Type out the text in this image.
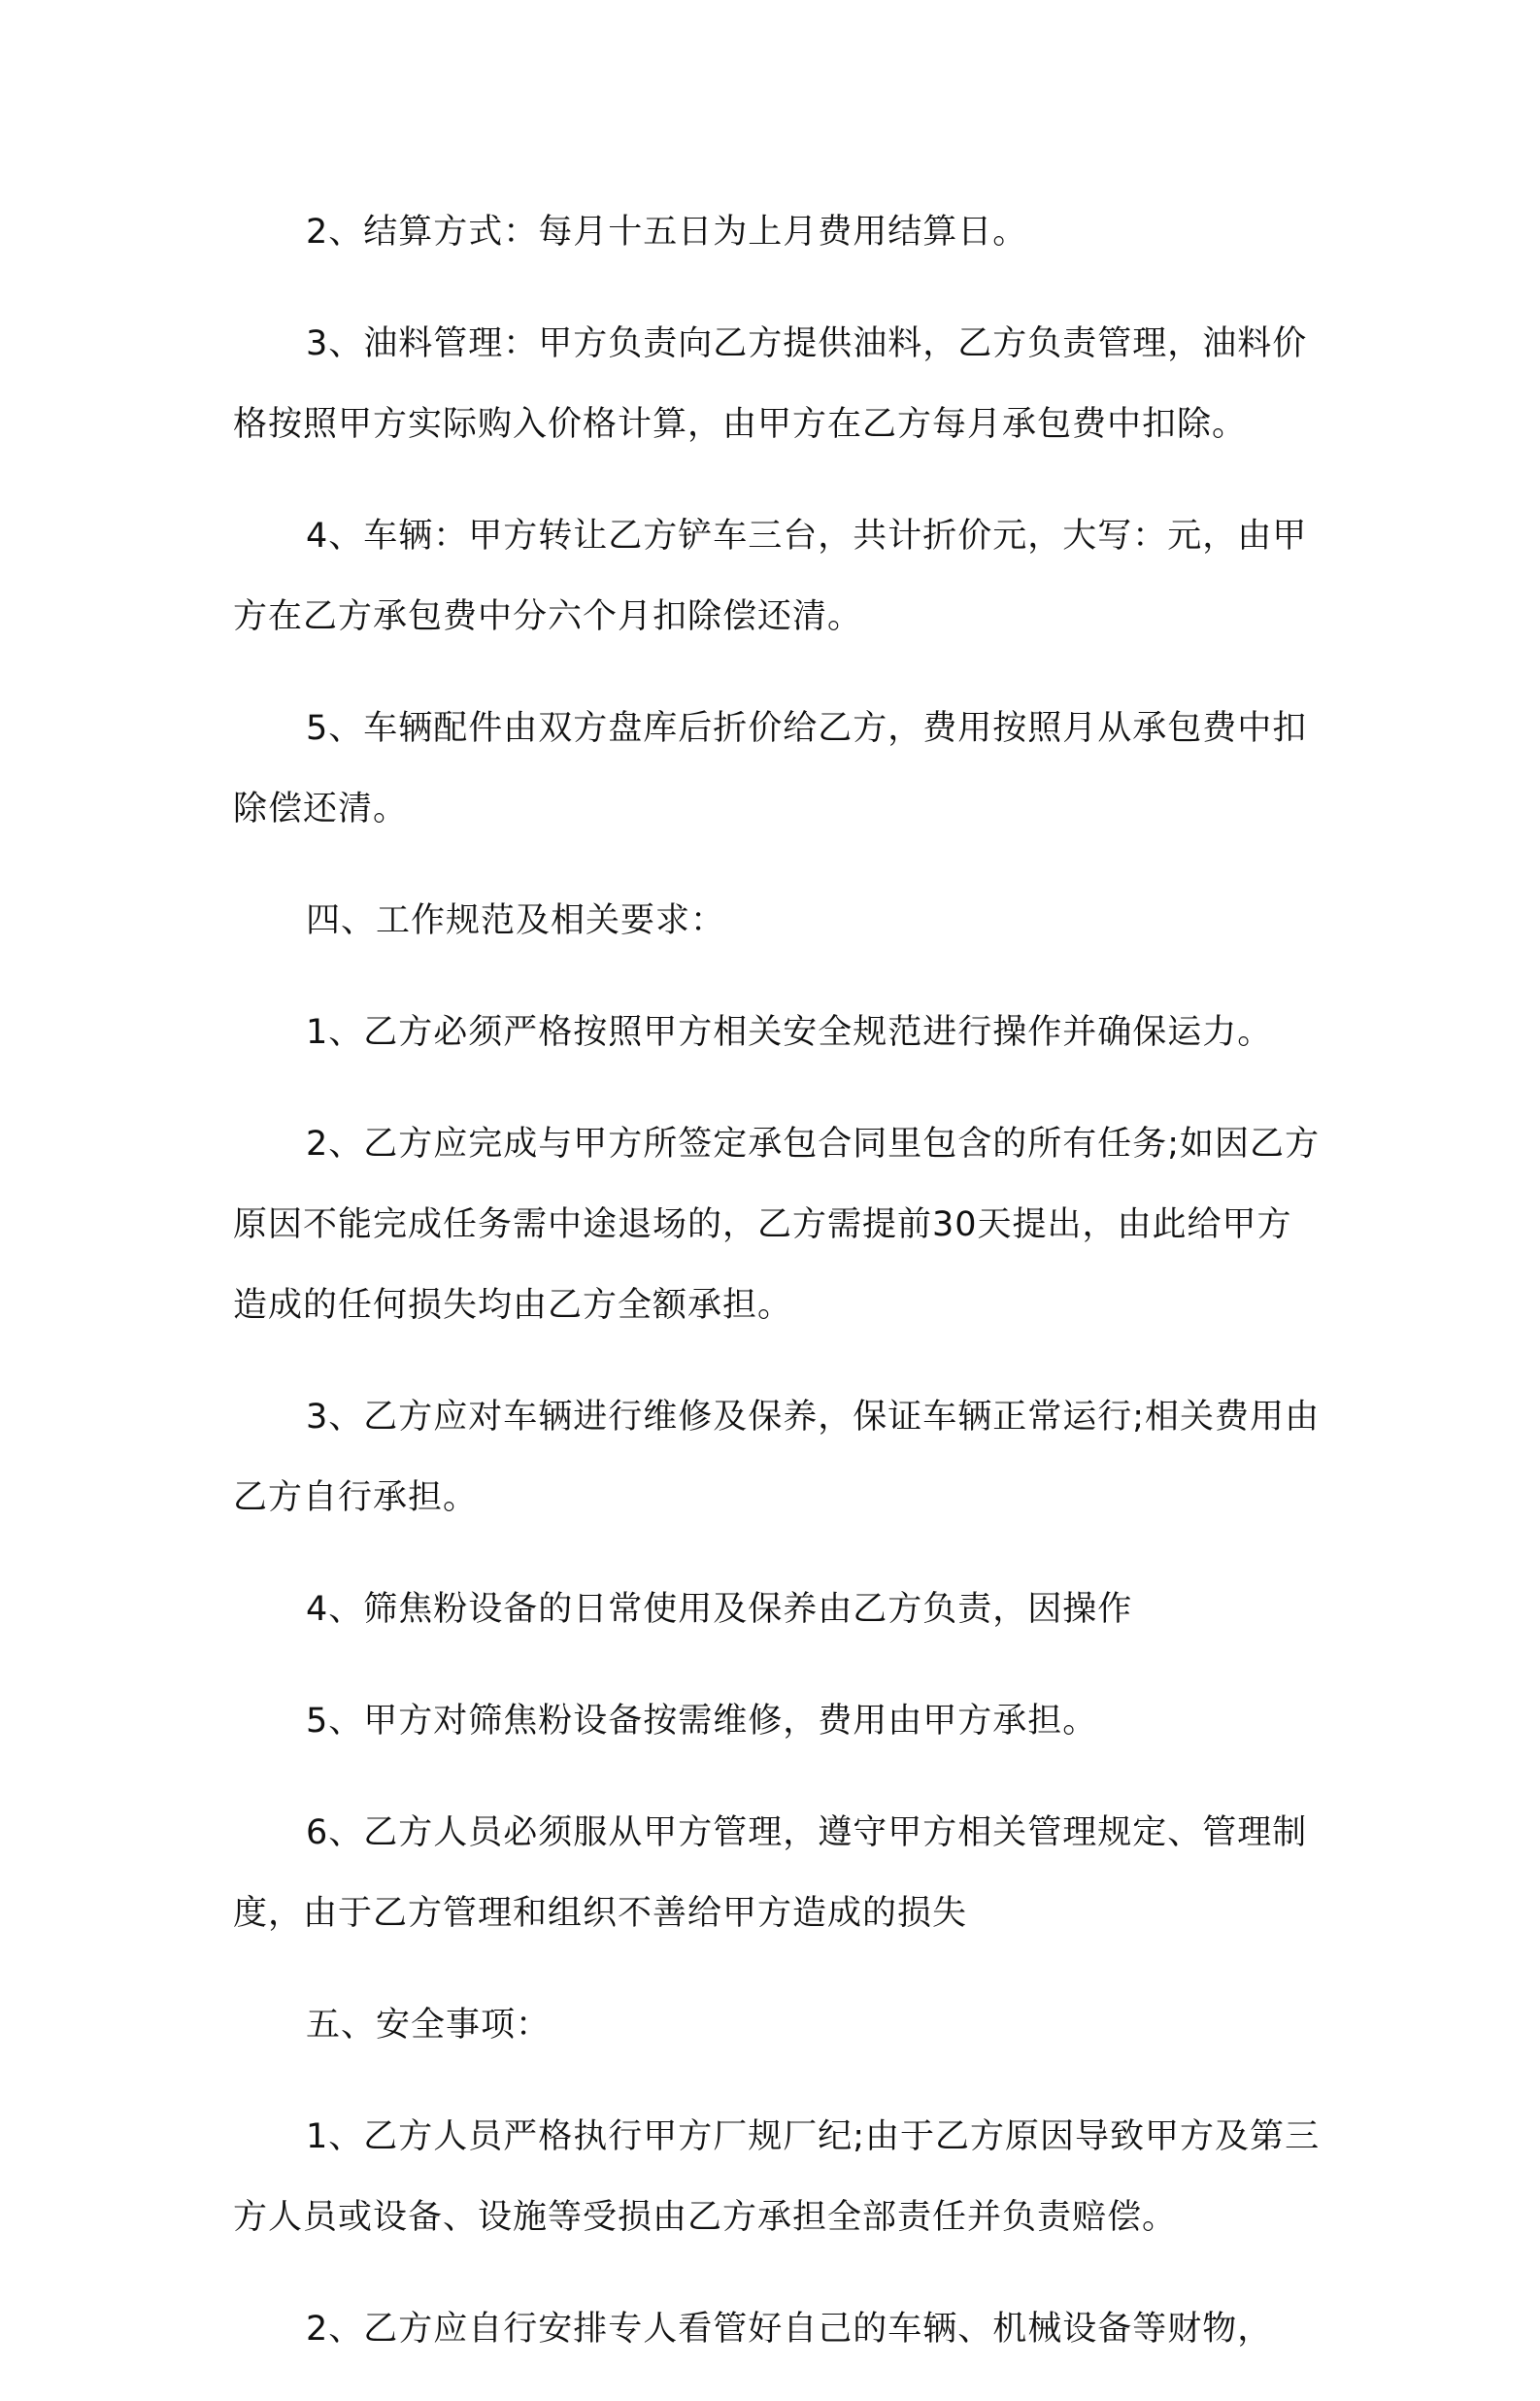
2、结算方式：每月十五日为上月费用结算日。

3、油料管理：甲方负责向乙方提供油料，乙方负责管理，油料价格按照甲方实际购入价格计算，由甲方在乙方每月承包费中扣除。

4、车辆：甲方转让乙方铲车三台，共计折价元，大写：元，由甲方在乙方承包费中分六个月扣除偿还清。

5、车辆配件由双方盘库后折价给乙方，费用按照月从承包费中扣除偿还清。

四、工作规范及相关要求：

1、乙方必须严格按照甲方相关安全规范进行操作并确保运力。

2、乙方应完成与甲方所签定承包合同里包含的所有任务;如因乙方原因不能完成任务需中途退场的，乙方需提前30天提出，由此给甲方造成的任何损失均由乙方全额承担。

3、乙方应对车辆进行维修及保养，保证车辆正常运行;相关费用由乙方自行承担。

4、筛焦粉设备的日常使用及保养由乙方负责，因操作

5、甲方对筛焦粉设备按需维修，费用由甲方承担。

6、乙方人员必须服从甲方管理，遵守甲方相关管理规定、管理制度，由于乙方管理和组织不善给甲方造成的损失

五、安全事项：

1、乙方人员严格执行甲方厂规厂纪;由于乙方原因导致甲方及第三方人员或设备、设施等受损由乙方承担全部责任并负责赔偿。

2、乙方应自行安排专人看管好自己的车辆、机械设备等财物，
